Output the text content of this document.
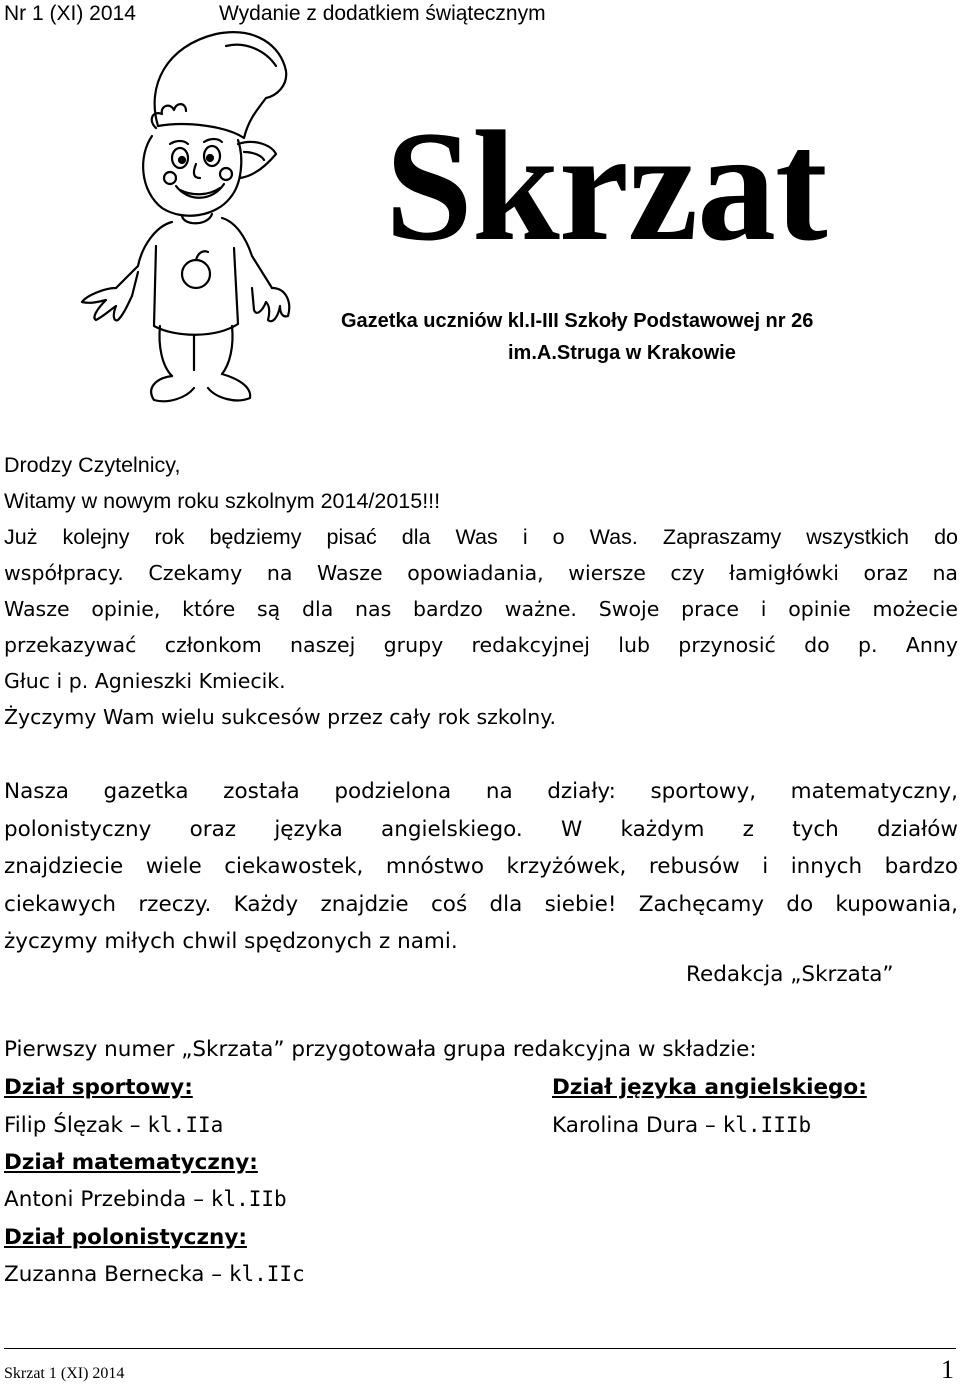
Nr 1 (XI) 2014	Wydanie z dodatkiem świątecznym
Skrzat
Gazetka uczniów kl.I-III Szkoły Podstawowej nr 26
im.A.Struga w Krakowie
Drodzy Czytelnicy,
Witamy w nowym roku szkolnym 2014/2015!!!
Już kolejny rok będziemy pisać dla Was i o Was. Zapraszamy wszystkich do
współpracy. Czekamy na Wasze opowiadania, wiersze czy łamigłówki oraz na
Wasze opinie, które są dla nas bardzo ważne. Swoje prace i opinie możecie
przekazywać członkom naszej grupy redakcyjnej lub przynosić do p. Anny
Głuc i p. Agnieszki Kmiecik.
Życzymy Wam wielu sukcesów przez cały rok szkolny.
Nasza gazetka została podzielona na działy: sportowy, matematyczny,
polonistyczny oraz języka angielskiego. W każdym z tych działów
znajdziecie wiele ciekawostek, mnóstwo krzyżówek, rebusów i innych bardzo
ciekawych rzeczy. Każdy znajdzie coś dla siebie! Zachęcamy do kupowania,
życzymy miłych chwil spędzonych z nami.
Redakcja „Skrzata”
Pierwszy numer „Skrzata” przygotowała grupa redakcyjna w składzie:
Dział sportowy:
Filip Ślęzak – kl.IIa
Dział matematyczny:
Antoni Przebinda – kl.IIb
Dział polonistyczny:
Zuzanna Bernecka – kl.IIc
Dział języka angielskiego:
Karolina Dura – kl.IIIb
Skrzat 1 (XI) 2014	1
